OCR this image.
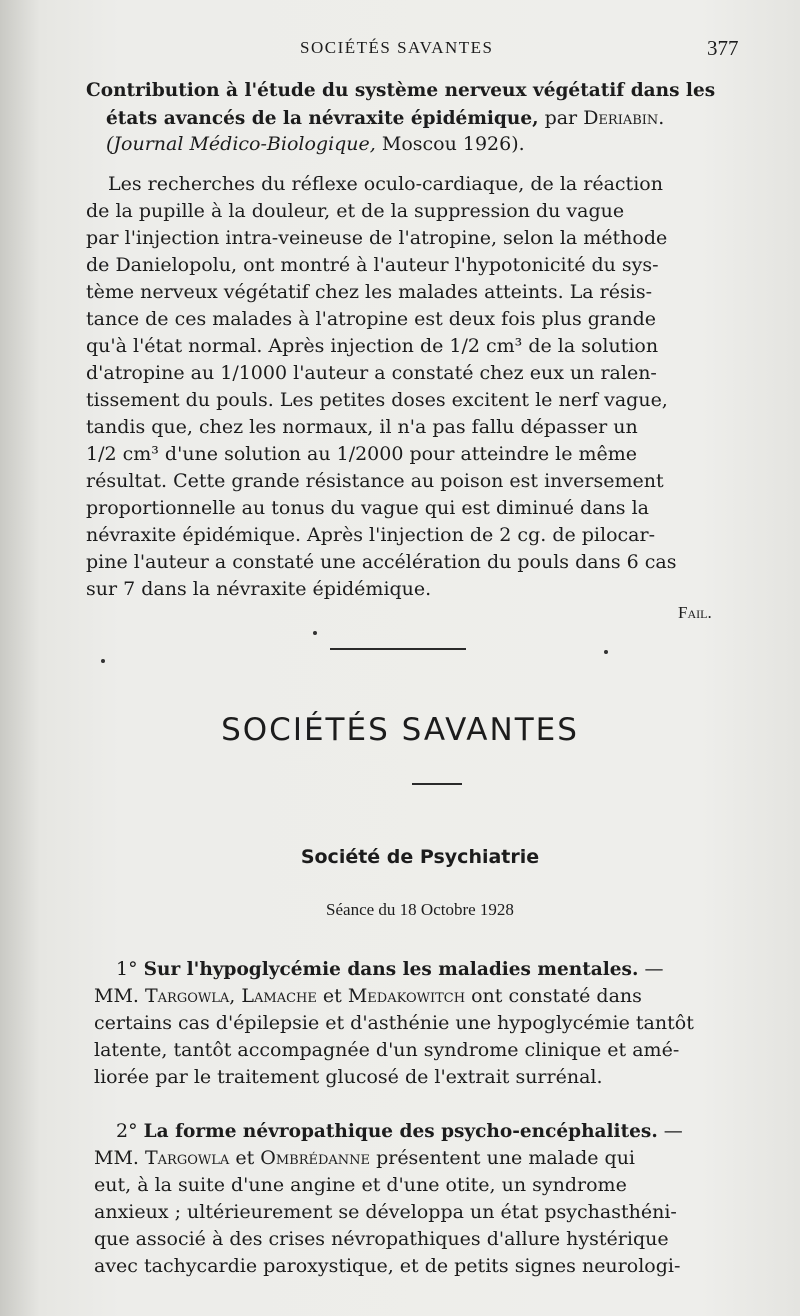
SOCIÉTÉS SAVANTES	377
Contribution à l'étude du système nerveux végétatif dans les
états avancés de la névraxite épidémique, par Deriabin.
(Journal Médico-Biologique, Moscou 1926).
Les recherches du réflexe oculo-cardiaque, de la réaction
de la pupille à la douleur, et de la suppression du vague
par l'injection intra-veineuse de l'atropine, selon la méthode
de Danielopolu, ont montré à l'auteur l'hypotonicité du sys-
tème nerveux végétatif chez les malades atteints. La résis-
tance de ces malades à l'atropine est deux fois plus grande
qu'à l'état normal. Après injection de 1/2 cm³ de la solution
d'atropine au 1/1000 l'auteur a constaté chez eux un ralen-
tissement du pouls. Les petites doses excitent le nerf vague,
tandis que, chez les normaux, il n'a pas fallu dépasser un
1/2 cm³ d'une solution au 1/2000 pour atteindre le même
résultat. Cette grande résistance au poison est inversement
proportionnelle au tonus du vague qui est diminué dans la
névraxite épidémique. Après l'injection de 2 cg. de pilocar-
pine l'auteur a constaté une accélération du pouls dans 6 cas
sur 7 dans la névraxite épidémique.
Fail.
SOCIÉTÉS SAVANTES
Société de Psychiatrie
Séance du 18 Octobre 1928
1° Sur l'hypoglycémie dans les maladies mentales. —
MM. Targowla, Lamache et Medakowitch ont constaté dans
certains cas d'épilepsie et d'asthénie une hypoglycémie tantôt
latente, tantôt accompagnée d'un syndrome clinique et amé-
liorée par le traitement glucosé de l'extrait surrénal.
2° La forme névropathique des psycho-encéphalites. —
MM. Targowla et Ombrédanne présentent une malade qui
eut, à la suite d'une angine et d'une otite, un syndrome
anxieux ; ultérieurement se développa un état psychasthéni-
que associé à des crises névropathiques d'allure hystérique
avec tachycardie paroxystique, et de petits signes neurologi-
